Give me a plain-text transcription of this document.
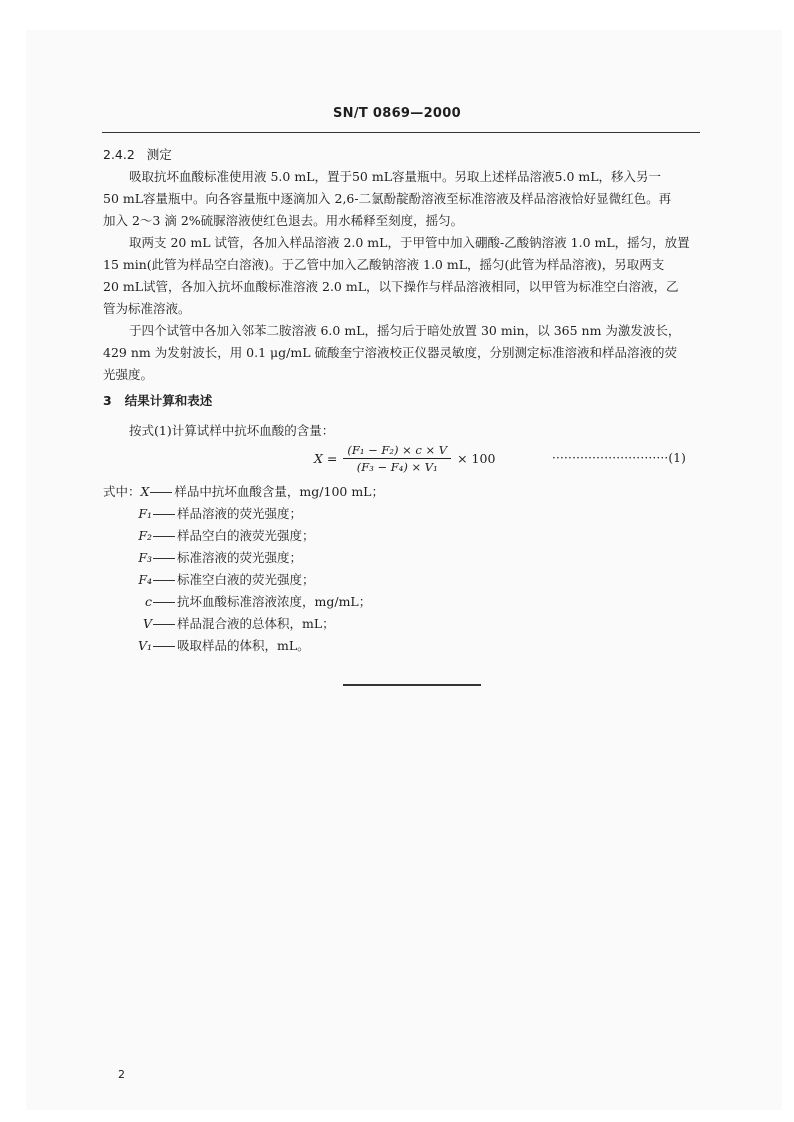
SN/T 0869—2000
2.4.2 测定
吸取抗坏血酸标准使用液 5.0 mL，置于50 mL容量瓶中。另取上述样品溶液5.0 mL，移入另一
50 mL容量瓶中。向各容量瓶中逐滴加入 2,6-二氯酚靛酚溶液至标准溶液及样品溶液恰好显微红色。再
加入 2～3 滴 2%硫脲溶液使红色退去。用水稀释至刻度，摇匀。
取两支 20 mL 试管，各加入样品溶液 2.0 mL，于甲管中加入硼酸-乙酸钠溶液 1.0 mL，摇匀，放置
15 min(此管为样品空白溶液)。于乙管中加入乙酸钠溶液 1.0 mL，摇匀(此管为样品溶液)，另取两支
20 mL试管，各加入抗坏血酸标准溶液 2.0 mL，以下操作与样品溶液相同，以甲管为标准空白溶液，乙
管为标准溶液。
于四个试管中各加入邻苯二胺溶液 6.0 mL，摇匀后于暗处放置 30 min，以 365 nm 为激发波长，
429 nm 为发射波长，用 0.1 μg/mL 硫酸奎宁溶液校正仪器灵敏度，分别测定标准溶液和样品溶液的荧
光强度。
3 结果计算和表述
按式(1)计算试样中抗坏血酸的含量：
$X = \frac{\text{(F₁ − F₂) × c × V}}{\text{(F₃ − F₄) × V₁}} \times 100$	·····························(1)
式中：X 样品中抗坏血酸含量，mg/100 mL；
F₁ 样品溶液的荧光强度；
F₂ 样品空白的液荧光强度；
F₃ 标准溶液的荧光强度；
F₄ 标准空白液的荧光强度；
c 抗坏血酸标准溶液浓度，mg/mL；
V 样品混合液的总体积，mL；
V₁ 吸取样品的体积，mL。
2
